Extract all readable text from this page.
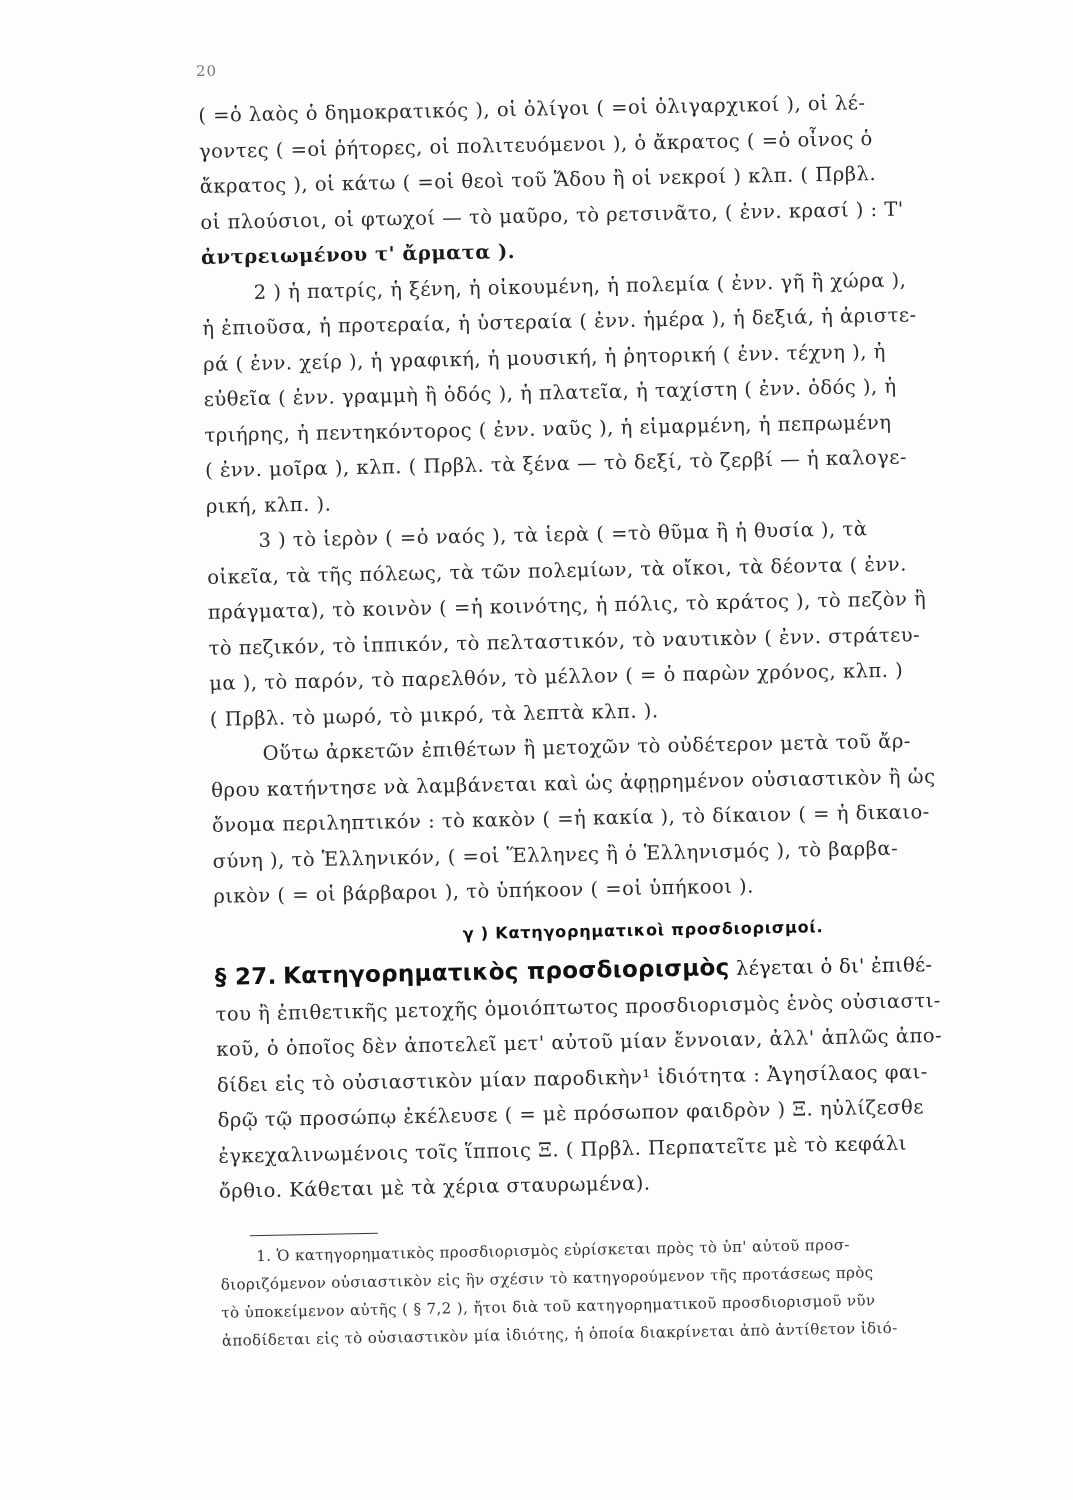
20
( =ὁ λαὸς ὁ δημοκρατικός ), οἱ ὀλίγοι ( =οἱ ὀλιγαρχικοί ), οἱ λέ-
γοντες ( =οἱ ῥήτορες, οἱ πολιτευόμενοι ), ὁ ἄκρατος ( =ὁ οἶνος ὁ
ἄκρατος ), οἱ κάτω ( =οἱ θεοὶ τοῦ Ἅδου ἢ οἱ νεκροί ) κλπ. ( Πρβλ.
οἱ πλούσιοι, οἱ φτωχοί — τὸ μαῦρο, τὸ ρετσινᾶτο, ( ἐνν. κρασί ) : Τ'
ἀντρειωμένου τ' ἄρματα ).
2 ) ἡ πατρίς, ἡ ξένη, ἡ οἰκουμένη, ἡ πολεμία ( ἐνν. γῆ ἢ χώρα ),
ἡ ἐπιοῦσα, ἡ προτεραία, ἡ ὑστεραία ( ἐνν. ἡμέρα ), ἡ δεξιά, ἡ ἀριστε-
ρά ( ἐνν. χείρ ), ἡ γραφική, ἡ μουσική, ἡ ῥητορική ( ἐνν. τέχνη ), ἡ
εὐθεῖα ( ἐνν. γραμμὴ ἢ ὁδός ), ἡ πλατεῖα, ἡ ταχίστη ( ἐνν. ὁδός ), ἡ
τριήρης, ἡ πεντηκόντορος ( ἐνν. ναῦς ), ἡ εἱμαρμένη, ἡ πεπρωμένη
( ἐνν. μοῖρα ), κλπ. ( Πρβλ. τὰ ξένα — τὸ δεξί, τὸ ζερβί — ἡ καλογε-
ρική, κλπ. ).
3 ) τὸ ἱερὸν ( =ὁ ναός ), τὰ ἱερὰ ( =τὸ θῦμα ἢ ἡ θυσία ), τὰ
οἰκεῖα, τὰ τῆς πόλεως, τὰ τῶν πολεμίων, τὰ οἴκοι, τὰ δέοντα ( ἐνν.
πράγματα), τὸ κοινὸν ( =ἡ κοινότης, ἡ πόλις, τὸ κράτος ), τὸ πεζὸν ἢ
τὸ πεζικόν, τὸ ἱππικόν, τὸ πελταστικόν, τὸ ναυτικὸν ( ἐνν. στράτευ-
μα ), τὸ παρόν, τὸ παρελθόν, τὸ μέλλον ( = ὁ παρὼν χρόνος, κλπ. )
( Πρβλ. τὸ μωρό, τὸ μικρό, τὰ λεπτὰ κλπ. ).
Οὕτω ἀρκετῶν ἐπιθέτων ἢ μετοχῶν τὸ οὐδέτερον μετὰ τοῦ ἄρ-
θρου κατήντησε νὰ λαμβάνεται καὶ ὡς ἀφῃρημένον οὐσιαστικὸν ἢ ὡς
ὄνομα περιληπτικόν : τὸ κακὸν ( =ἡ κακία ), τὸ δίκαιον ( = ἡ δικαιο-
σύνη ), τὸ Ἑλληνικόν, ( =οἱ Ἕλληνες ἢ ὁ Ἑλληνισμός ), τὸ βαρβα-
ρικὸν ( = οἱ βάρβαροι ), τὸ ὑπήκοον ( =οἱ ὑπήκοοι ).
γ ) Κατηγορηματικοὶ προσδιορισμοί.
§ 27. Κατηγορηματικὸς προσδιορισμὸς λέγεται ὁ δι' ἐπιθέ-
του ἢ ἐπιθετικῆς μετοχῆς ὁμοιόπτωτος προσδιορισμὸς ἑνὸς οὐσιαστι-
κοῦ, ὁ ὁποῖος δὲν ἀποτελεῖ μετ' αὐτοῦ μίαν ἔννοιαν, ἀλλ' ἁπλῶς ἀπο-
δίδει εἰς τὸ οὐσιαστικὸν μίαν παροδικὴν¹ ἰδιότητα : Ἀγησίλαος φαι-
δρῷ τῷ προσώπῳ ἐκέλευσε ( = μὲ πρόσωπον φαιδρὸν ) Ξ. ηὐλίζεσθε
ἐγκεχαλινωμένοις τοῖς ἵπποις Ξ. ( Πρβλ. Περπατεῖτε μὲ τὸ κεφάλι
ὄρθιο. Κάθεται μὲ τὰ χέρια σταυρωμένα).
1. Ὁ κατηγορηματικὸς προσδιορισμὸς εὑρίσκεται πρὸς τὸ ὑπ' αὐτοῦ προσ-
διοριζόμενον οὐσιαστικὸν εἰς ἣν σχέσιν τὸ κατηγορούμενον τῆς προτάσεως πρὸς
τὸ ὑποκείμενον αὐτῆς ( § 7,2 ), ἤτοι διὰ τοῦ κατηγορηματικοῦ προσδιορισμοῦ νῦν
ἀποδίδεται εἰς τὸ οὐσιαστικὸν μία ἰδιότης, ἡ ὁποία διακρίνεται ἀπὸ ἀντίθετον ἰδιό-
